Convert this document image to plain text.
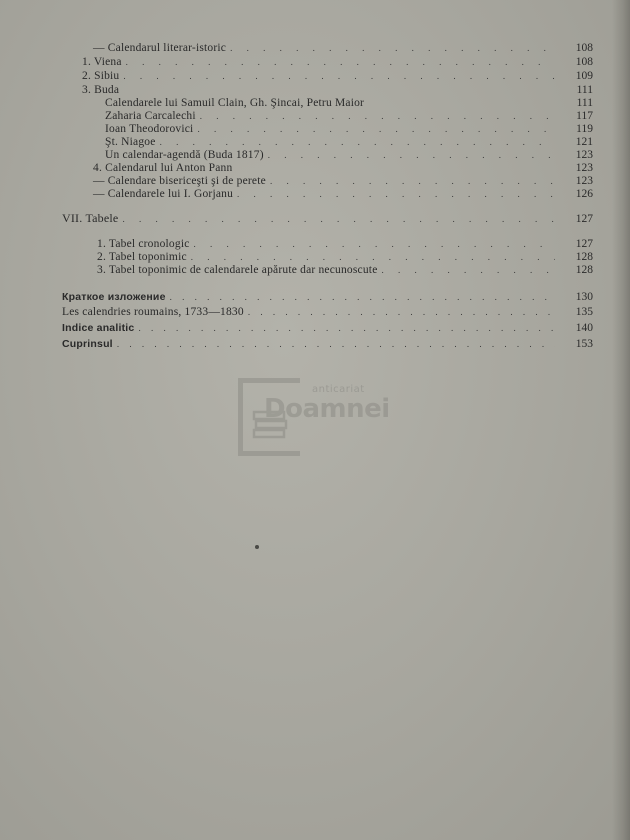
— Calendarul literar-istoric . . .	108
1. Viena . . .	108
2. Sibiu . . .	109
3. Buda	111
Calendarele lui Samuil Clain, Gh. Şincai, Petru Maior	111
Zaharia Carcalechi . . .	117
Ioan Theodorovici . . .	119
Şt. Niagoe . . .	121
Un calendar-agendă (Buda 1817) . . .	123
4. Calendarul lui Anton Pann	123
— Calendare bisericeşti şi de perete . . .	123
— Calendarele lui I. Gorjanu . . .	126
VII. Tabele . . .	127
1. Tabel cronologic . . .	127
2. Tabel toponimic . . .	128
3. Tabel toponimic de calendarele apărute dar necunoscute . . .	128
Краткое изложение . . .	130
Les calendries roumains, 1733—1830 . . .	135
Indice analitic . . .	140
Cuprinsul . . .	153
anticariat
Doamnei
